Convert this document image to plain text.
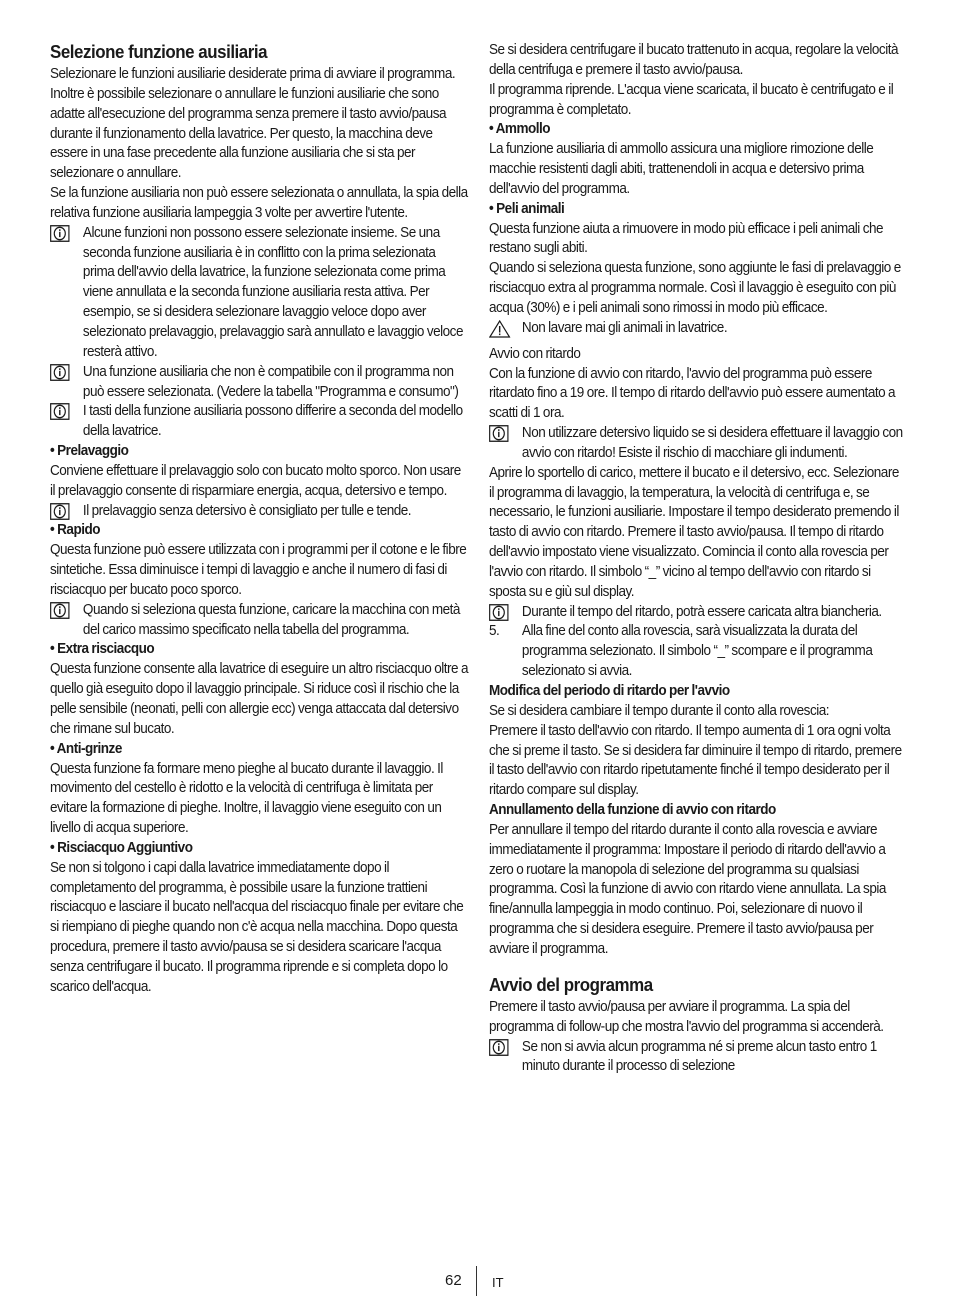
Selezione funzione ausiliaria

Selezionare le funzioni ausiliarie desiderate prima di avviare il programma. Inoltre è possibile selezionare o annullare le funzioni ausiliarie che sono adatte all'esecuzione del programma senza premere il tasto avvio/pausa durante il funzionamento della lavatrice. Per questo, la macchina deve essere in una fase precedente alla funzione ausiliaria che si sta per selezionare o annullare.

Se la funzione ausiliaria non può essere selezionata o annullata, la spia della relativa funzione ausiliaria lampeggia 3 volte per avvertire l'utente.

Alcune funzioni non possono essere selezionate insieme. Se una seconda funzione ausiliaria è in conflitto con la prima selezionata prima dell'avvio della lavatrice, la funzione selezionata come prima viene annullata e la seconda funzione ausiliaria resta attiva. Per esempio, se si desidera selezionare lavaggio veloce dopo aver selezionato prelavaggio, prelavaggio sarà annullato e lavaggio veloce resterà attivo.
Una funzione ausiliaria che non è compatibile con il programma non può essere selezionata. (Vedere la tabella "Programma e consumo")
I tasti della funzione ausiliaria possono differire a seconda del modello della lavatrice.

• Prelavaggio

Conviene effettuare il prelavaggio solo con bucato molto sporco. Non usare il prelavaggio consente di risparmiare energia, acqua, detersivo e tempo.

Il prelavaggio senza detersivo è consigliato per tulle e tende.

• Rapido

Questa funzione può essere utilizzata con i programmi per il cotone e le fibre sintetiche. Essa diminuisce i tempi di lavaggio e anche il numero di fasi di risciacquo per bucato poco sporco.

Quando si seleziona questa funzione, caricare la macchina con metà del carico massimo specificato nella tabella del programma.

• Extra risciacquo

Questa funzione consente alla lavatrice di eseguire un altro risciacquo oltre a quello già eseguito dopo il lavaggio principale. Si riduce così il rischio che la pelle sensibile (neonati, pelli con allergie ecc) venga attaccata dal detersivo che rimane sul bucato.

• Anti-grinze

Questa funzione fa formare meno pieghe al bucato durante il lavaggio. Il movimento del cestello è ridotto e la velocità di centrifuga è limitata per evitare la formazione di pieghe. Inoltre, il lavaggio viene eseguito con un livello di acqua superiore.

• Risciacquo Aggiuntivo

Se non si tolgono i capi dalla lavatrice immediatamente dopo il completamento del programma, è possibile usare la funzione trattieni risciacquo e lasciare il bucato nell'acqua del risciacquo finale per evitare che si riempiano di pieghe quando non c'è acqua nella macchina. Dopo questa procedura, premere il tasto avvio/pausa se si desidera scaricare l'acqua senza centrifugare il bucato. Il programma riprende e si completa dopo lo scarico dell'acqua.

Se si desidera centrifugare il bucato trattenuto in acqua, regolare la velocità della centrifuga e premere il tasto avvio/pausa.

Il programma riprende. L'acqua viene scaricata, il bucato è centrifugato e il programma è completato.

• Ammollo

La funzione ausiliaria di ammollo assicura una migliore rimozione delle macchie resistenti dagli abiti, trattenendoli in acqua e detersivo prima dell'avvio del programma.

• Peli animali

Questa funzione aiuta a rimuovere in modo più efficace i peli animali che restano sugli abiti.

Quando si seleziona questa funzione, sono aggiunte le fasi di prelavaggio e risciacquo extra al programma normale. Così il lavaggio è eseguito con più acqua (30%) e i peli animali sono rimossi in modo più efficace.

Non lavare mai gli animali in lavatrice.

Avvio con ritardo

Con la funzione di avvio con ritardo, l'avvio del programma può essere ritardato fino a 19 ore. Il tempo di ritardo dell'avvio può essere aumentato a scatti di 1 ora.

Non utilizzare detersivo liquido se si desidera effettuare il lavaggio con avvio con ritardo! Esiste il rischio di macchiare gli indumenti.

Aprire lo sportello di carico, mettere il bucato e il detersivo, ecc. Selezionare il programma di lavaggio, la temperatura, la velocità di centrifuga e, se necessario, le funzioni ausiliarie. Impostare il tempo desiderato premendo il tasto di avvio con ritardo. Premere il tasto avvio/pausa. Il tempo di ritardo dell'avvio impostato viene visualizzato. Comincia il conto alla rovescia per l'avvio con ritardo. Il simbolo “_” vicino al tempo dell'avvio con ritardo si sposta su e giù sul display.

Durante il tempo del ritardo, potrà essere caricata altra biancheria.
5.	Alla fine del conto alla rovescia, sarà visualizzata la durata del programma selezionato. Il simbolo “_” scompare e il programma selezionato si avvia.

Modifica del periodo di ritardo per l'avvio

Se si desidera cambiare il tempo durante il conto alla rovescia:

Premere il tasto dell'avvio con ritardo. Il tempo aumenta di 1 ora ogni volta che si preme il tasto. Se si desidera far diminuire il tempo di ritardo, premere il tasto dell'avvio con ritardo ripetutamente finché il tempo desiderato per il ritardo compare sul display.

Annullamento della funzione di avvio con ritardo

Per annullare il tempo del ritardo durante il conto alla rovescia e avviare immediatamente il programma: Impostare il periodo di ritardo dell'avvio a zero o ruotare la manopola di selezione del programma su qualsiasi programma. Così la funzione di avvio con ritardo viene annullata. La spia fine/annulla lampeggia in modo continuo. Poi, selezionare di nuovo il programma che si desidera eseguire. Premere il tasto avvio/pausa per avviare il programma.

Avvio del programma

Premere il tasto avvio/pausa per avviare il programma. La spia del programma di follow-up che mostra l'avvio del programma si accenderà.

Se non si avvia alcun programma né si preme alcun tasto entro 1 minuto durante il processo di selezione
62 IT
